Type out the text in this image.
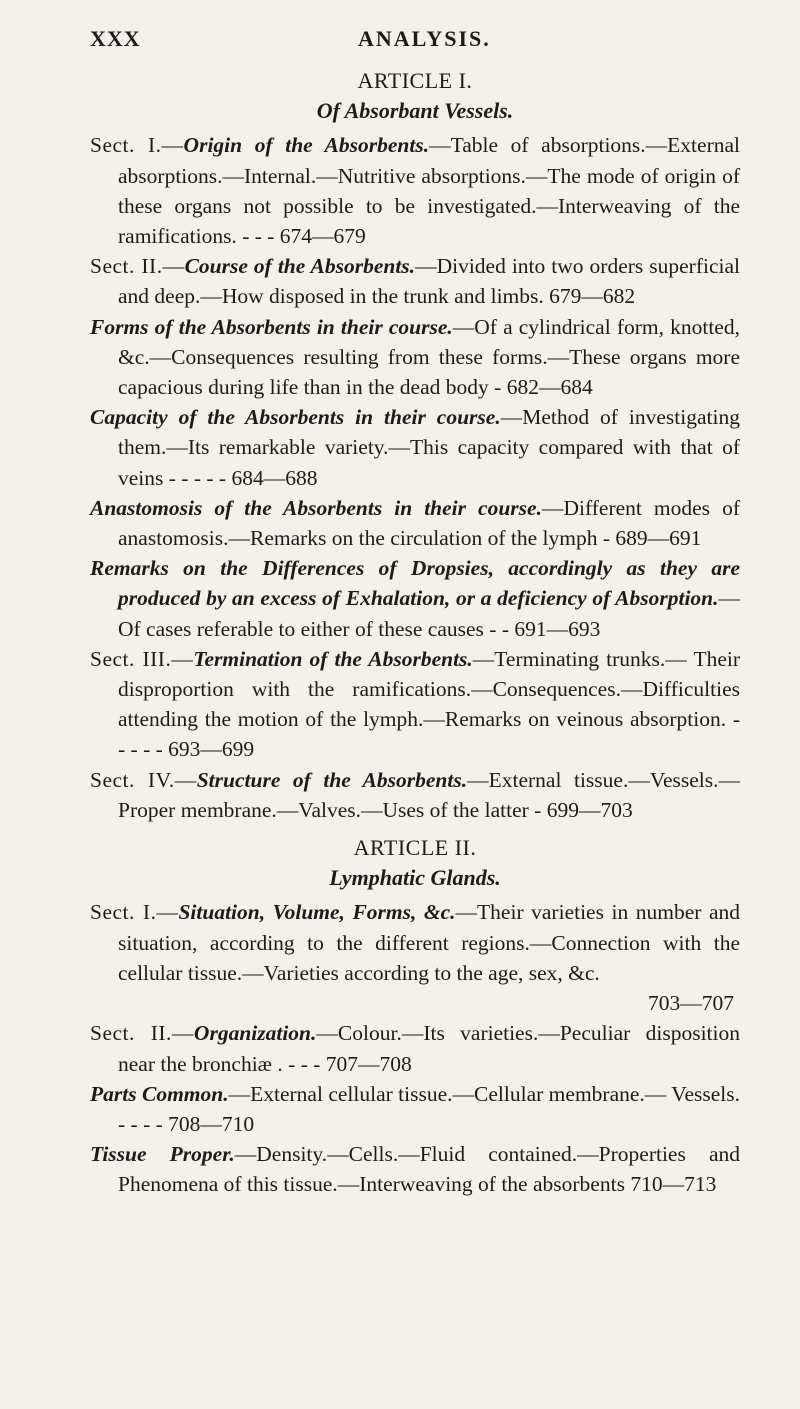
XXX	ANALYSIS.
ARTICLE I.
Of Absorbant Vessels.

Sect. I.—Origin of the Absorbents.—Table of absorptions.—External absorptions.—Internal.—Nutritive absorptions.—The mode of origin of these organs not possible to be investigated.—Interweaving of the ramifications. - - - 674—679

Sect. II.—Course of the Absorbents.—Divided into two orders superficial and deep.—How disposed in the trunk and limbs. 679—682

Forms of the Absorbents in their course.—Of a cylindrical form, knotted, &c.—Consequences resulting from these forms.—These organs more capacious during life than in the dead body - 682—684

Capacity of the Absorbents in their course.—Method of investigating them.—Its remarkable variety.—This capacity compared with that of veins - - - - - 684—688

Anastomosis of the Absorbents in their course.—Different modes of anastomosis.—Remarks on the circulation of the lymph - 689—691

Remarks on the Differences of Dropsies, accordingly as they are produced by an excess of Exhalation, or a deficiency of Absorption.— Of cases referable to either of these causes - - 691—693

Sect. III.—Termination of the Absorbents.—Terminating trunks.— Their disproportion with the ramifications.—Consequences.—Difficulties attending the motion of the lymph.—Remarks on veinous absorption. - - - - - 693—699

Sect. IV.—Structure of the Absorbents.—External tissue.—Vessels.— Proper membrane.—Valves.—Uses of the latter - 699—703

ARTICLE II.
Lymphatic Glands.

Sect. I.—Situation, Volume, Forms, &c.—Their varieties in number and situation, according to the different regions.—Connection with the cellular tissue.—Varieties according to the age, sex, &c.

703—707

Sect. II.—Organization.—Colour.—Its varieties.—Peculiar disposition near the bronchiæ . - - - 707—708

Parts Common.—External cellular tissue.—Cellular membrane.— Vessels. - - - - 708—710

Tissue Proper.—Density.—Cells.—Fluid contained.—Properties and Phenomena of this tissue.—Interweaving of the absorbents 710—713
